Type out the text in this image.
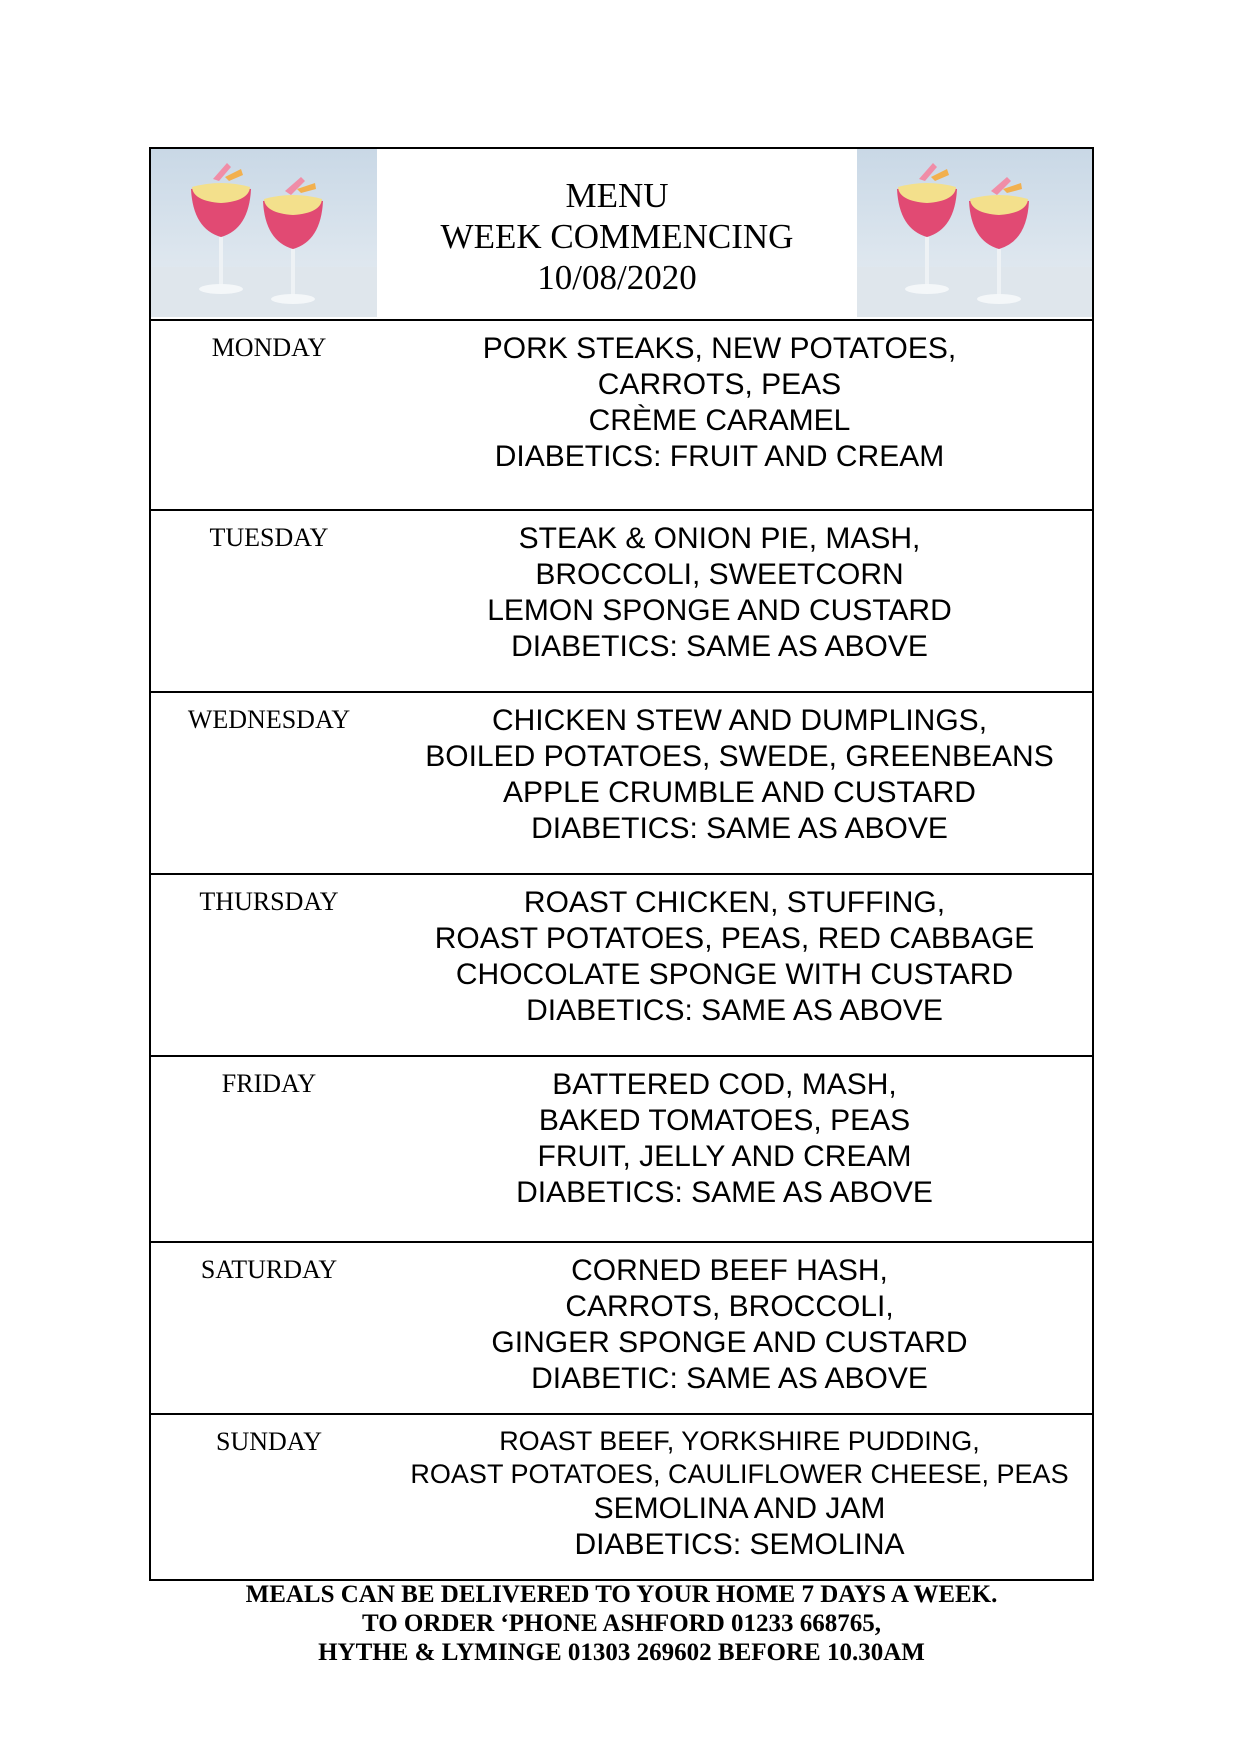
MENU
WEEK COMMENCING
10/08/2020
MONDAY	PORK STEAKS, NEW POTATOES,
CARROTS, PEAS
CRÈME CARAMEL
DIABETICS: FRUIT AND CREAM
TUESDAY	STEAK & ONION PIE, MASH,
BROCCOLI, SWEETCORN
LEMON SPONGE AND CUSTARD
DIABETICS: SAME AS ABOVE
WEDNESDAY	CHICKEN STEW AND DUMPLINGS,
BOILED POTATOES, SWEDE, GREENBEANS
APPLE CRUMBLE AND CUSTARD
DIABETICS: SAME AS ABOVE
THURSDAY	ROAST CHICKEN, STUFFING,
ROAST POTATOES, PEAS, RED CABBAGE
CHOCOLATE SPONGE WITH CUSTARD
DIABETICS: SAME AS ABOVE
FRIDAY	BATTERED COD, MASH,
BAKED TOMATOES, PEAS
FRUIT, JELLY AND CREAM
DIABETICS: SAME AS ABOVE
SATURDAY	CORNED BEEF HASH,
CARROTS, BROCCOLI,
GINGER SPONGE AND CUSTARD
DIABETIC: SAME AS ABOVE
SUNDAY	ROAST BEEF, YORKSHIRE PUDDING,
ROAST POTATOES, CAULIFLOWER CHEESE, PEAS
SEMOLINA AND JAM
DIABETICS: SEMOLINA
MEALS CAN BE DELIVERED TO YOUR HOME 7 DAYS A WEEK.
TO ORDER ‘PHONE ASHFORD 01233 668765,
HYTHE & LYMINGE 01303 269602 BEFORE 10.30AM
